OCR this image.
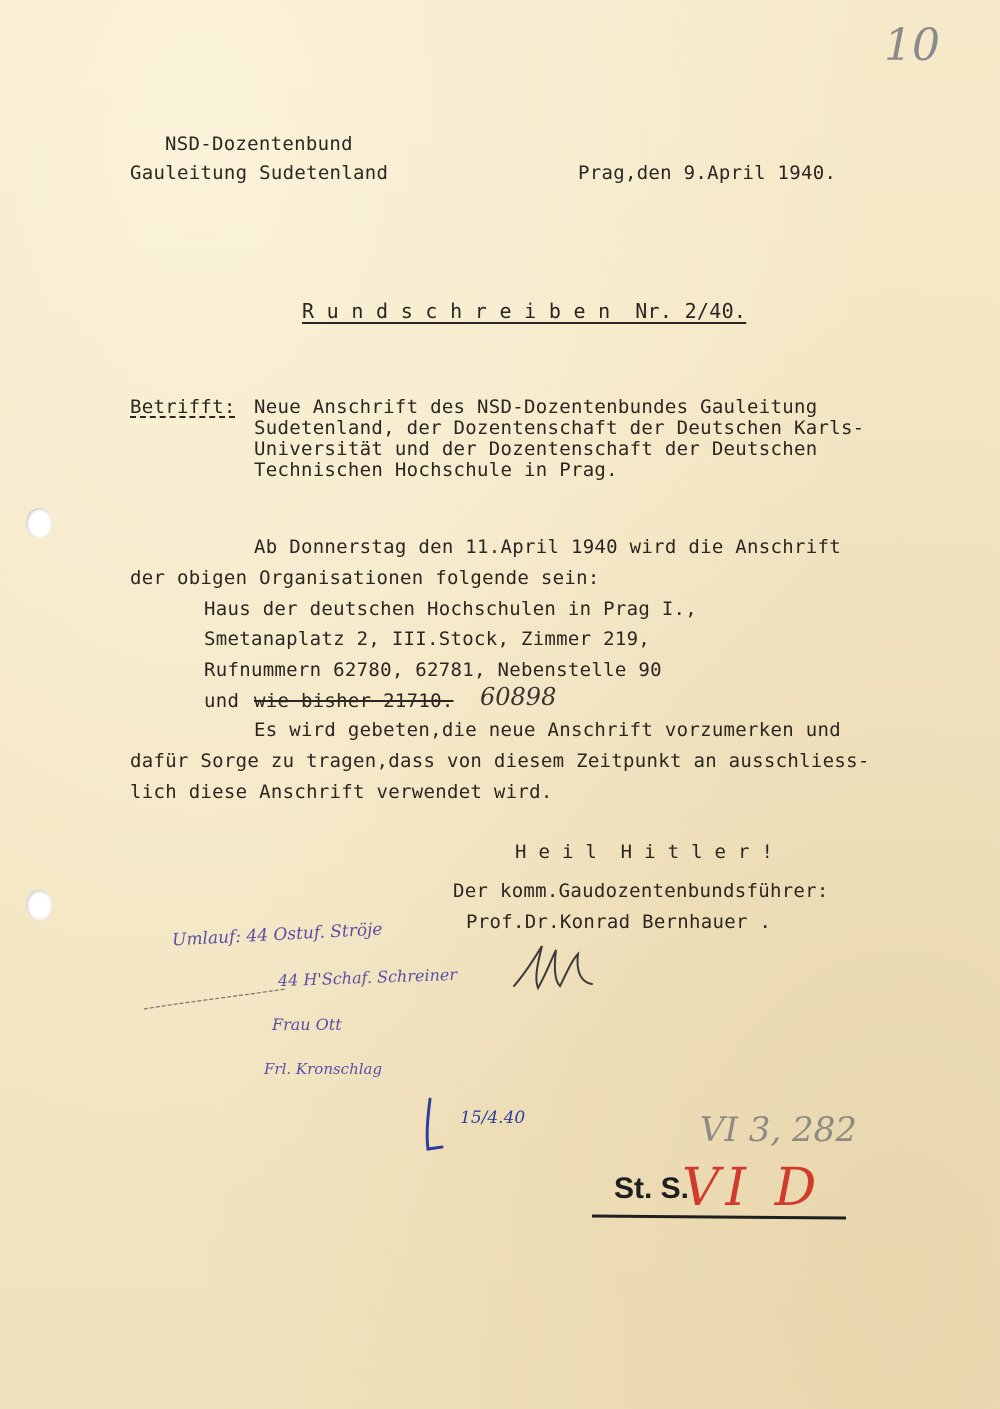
10
NSD-Dozentenbund
Gauleitung Sudetenland	Prag,den 9.April 1940.
R u n d s c h r e i b e n  Nr. 2/40.
Betrifft: Neue Anschrift des NSD-Dozentenbundes Gauleitung
Sudetenland, der Dozentenschaft der Deutschen Karls-
Universität und der Dozentenschaft der Deutschen
Technischen Hochschule in Prag.
Ab Donnerstag den 11.April 1940 wird die Anschrift
der obigen Organisationen folgende sein:
Haus der deutschen Hochschulen in Prag I.,
Smetanaplatz 2, III.Stock, Zimmer 219,
Rufnummern 62780, 62781, Nebenstelle 90
und wie bisher 21710. 60898
Es wird gebeten,die neue Anschrift vorzumerken und
dafür Sorge zu tragen,dass von diesem Zeitpunkt an ausschliess-
lich diese Anschrift verwendet wird.
H e i l  H i t l e r !
Der komm.Gaudozentenbundsführer:
Prof.Dr.Konrad Bernhauer .
Umlauf: 44 Ostuf. Ströje
44 H'Schaf. Schreiner
Frau Ott
Frl. Kronschlag
15/4.40	VI 3, 282
St. S.
VI D
